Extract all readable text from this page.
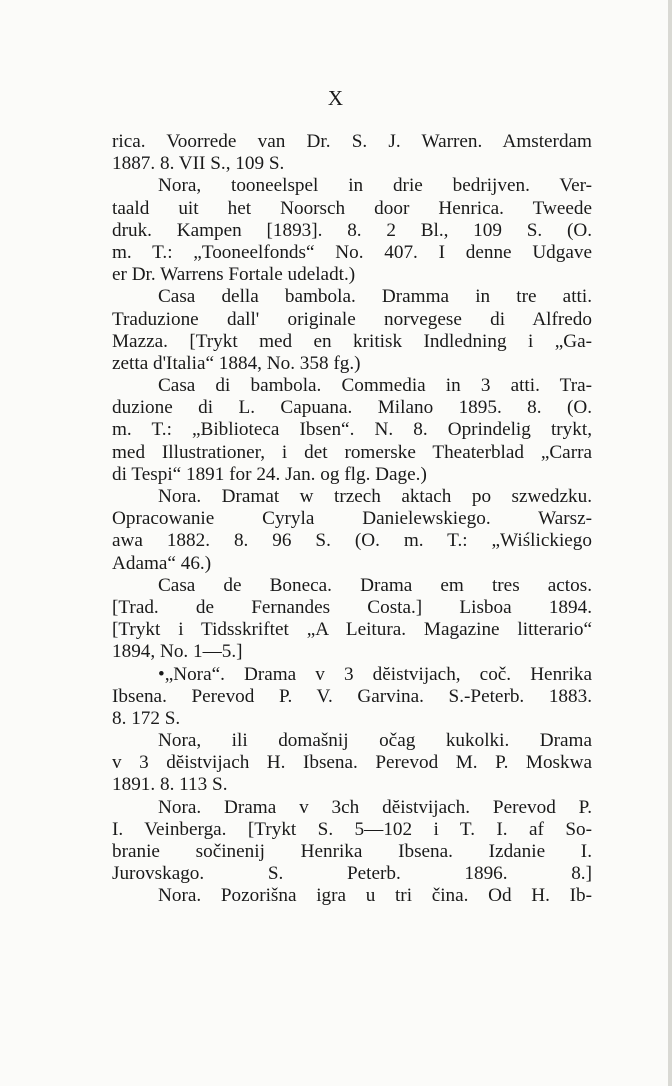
X
rica. Voorrede van Dr. S. J. Warren. Amsterdam
1887. 8. VII S., 109 S.
Nora, tooneelspel in drie bedrijven. Ver-
taald uit het Noorsch door Henrica. Tweede
druk. Kampen [1893]. 8. 2 Bl., 109 S. (O.
m. T.: „Tooneelfonds“ No. 407. I denne Udgave
er Dr. Warrens Fortale udeladt.)
Casa della bambola. Dramma in tre atti.
Traduzione dall' originale norvegese di Alfredo
Mazza. [Trykt med en kritisk Indledning i „Ga-
zetta d'Italia“ 1884, No. 358 fg.)
Casa di bambola. Commedia in 3 atti. Tra-
duzione di L. Capuana. Milano 1895. 8. (O.
m. T.: „Biblioteca Ibsen“. N. 8. Oprindelig trykt,
med Illustrationer, i det romerske Theaterblad „Carra
di Tespi“ 1891 for 24. Jan. og flg. Dage.)
Nora. Dramat w trzech aktach po szwedzku.
Opracowanie Cyryla Danielewskiego. Warsz-
awa 1882. 8. 96 S. (O. m. T.: „Wiślickiego
Adama“ 46.)
Casa de Boneca. Drama em tres actos.
[Trad. de Fernandes Costa.] Lisboa 1894.
[Trykt i Tidsskriftet „A Leitura. Magazine litterario“
1894, No. 1—5.]
•„Nora“. Drama v 3 dĕistvijach, coč. Henrika
Ibsena. Perevod P. V. Garvina. S.-Peterb. 1883.
8. 172 S.
Nora, ili domašnij očag kukolki. Drama
v 3 dĕistvijach H. Ibsena. Perevod M. P. Moskwa
1891. 8. 113 S.
Nora. Drama v 3ch dĕistvijach. Perevod P.
I. Veinberga. [Trykt S. 5—102 i T. I. af So-
branie sočinenij Henrika Ibsena. Izdanie I.
Jurovskago. S. Peterb. 1896. 8.]
Nora. Pozorišna igra u tri čina. Od H. Ib-
